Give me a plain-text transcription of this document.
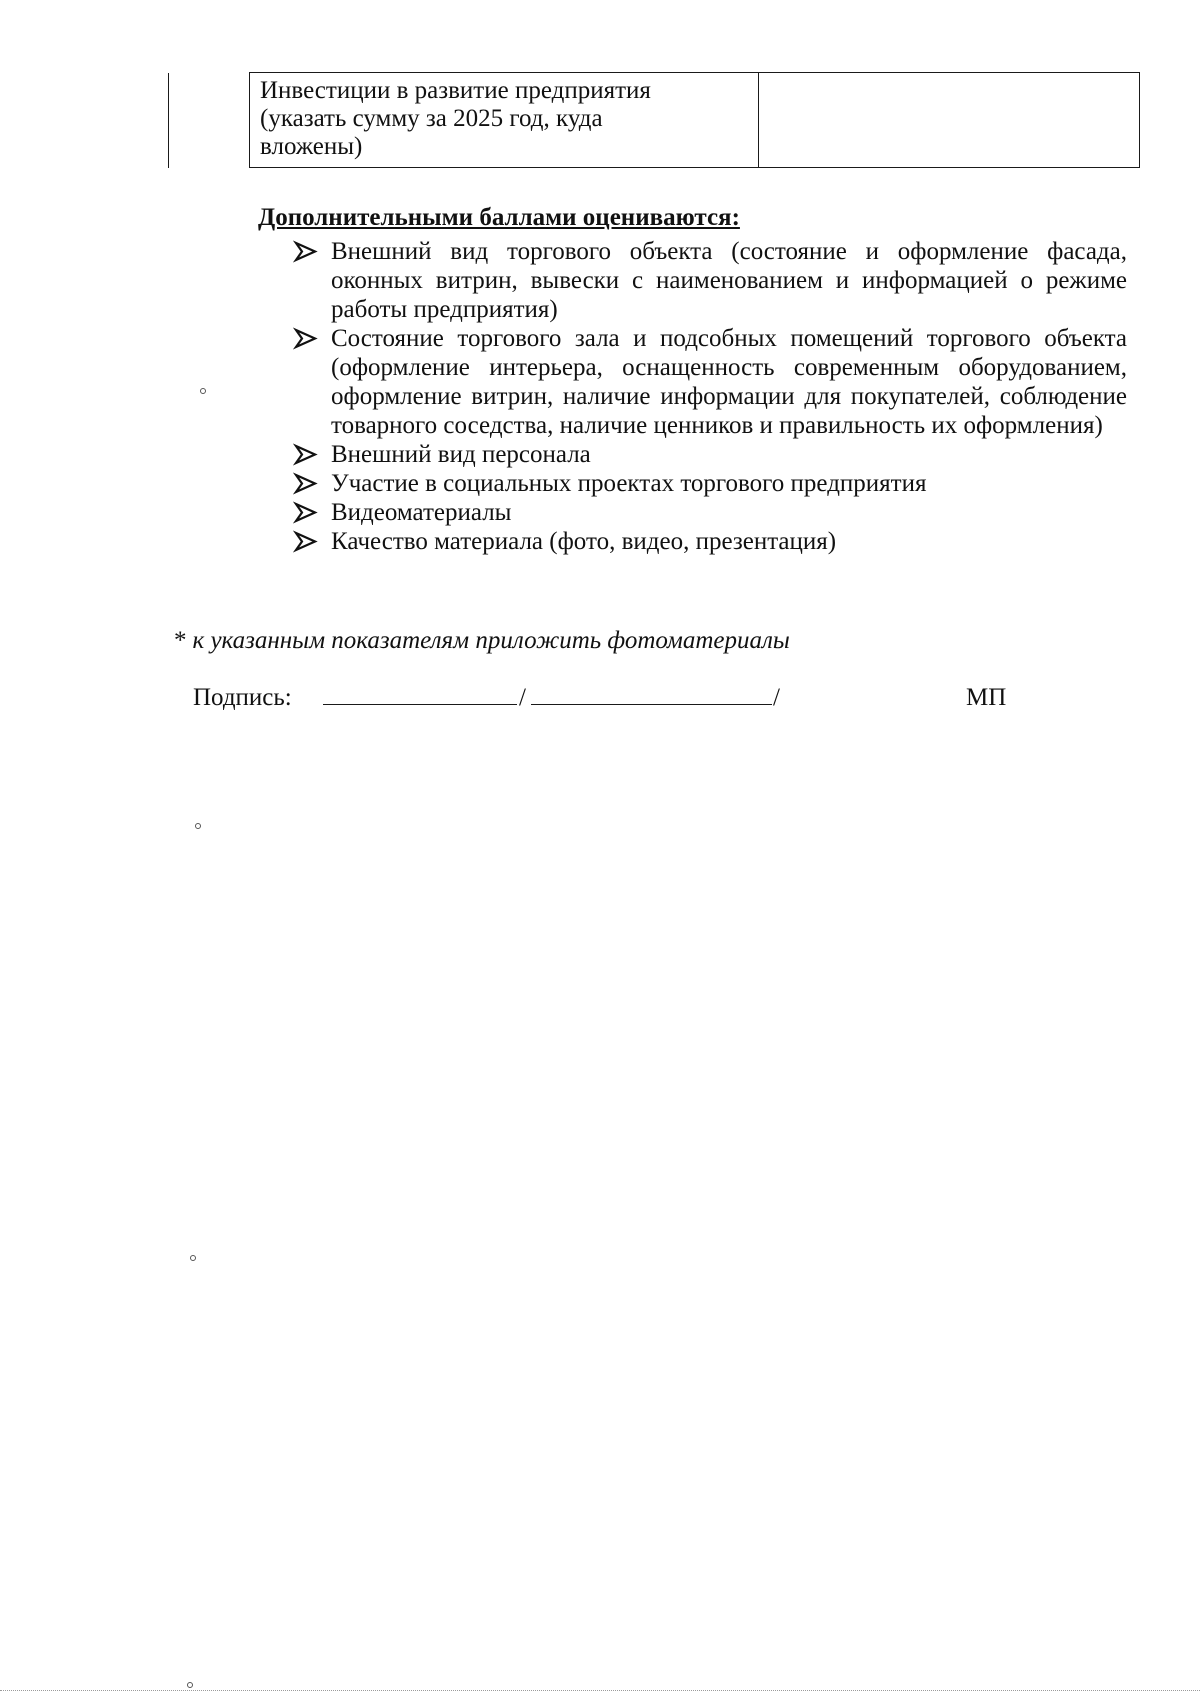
Инвестиции в развитие предприятия
(указать сумму за 2025 год, куда
вложены)

Дополнительными баллами оцениваются:
Внешний вид торгового объекта (состояние и оформление фасада, оконных витрин, вывески с наименованием и информацией о режиме работы предприятия)
Состояние торгового зала и подсобных помещений торгового объекта (оформление интерьера, оснащенность современным оборудованием, оформление витрин, наличие информации для покупателей, соблюдение товарного соседства, наличие ценников и правильность их оформления)
Внешний вид персонала
Участие в социальных проектах торгового предприятия
Видеоматериалы
Качество материала (фото, видео, презентация)
* к указанным показателям приложить фотоматериалы
Подпись:	/	/	МП
